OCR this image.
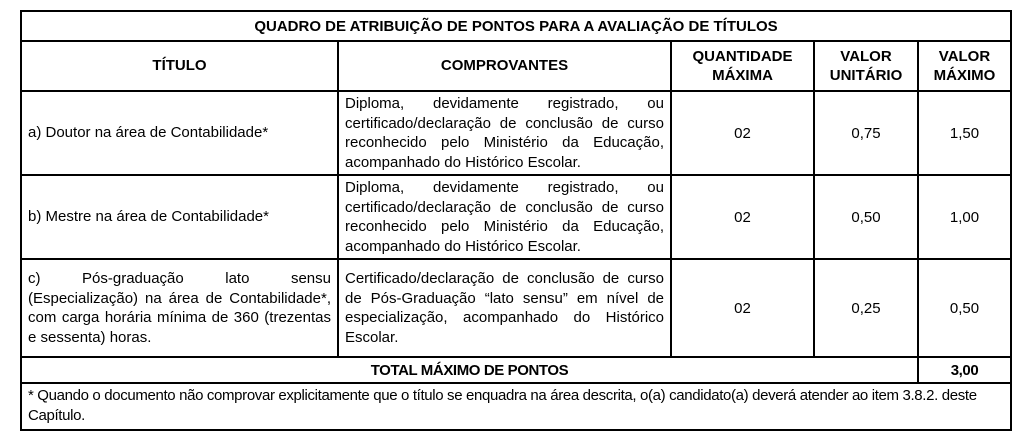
QUADRO DE ATRIBUIÇÃO DE PONTOS PARA A AVALIAÇÃO DE TÍTULOS				
TÍTULO	COMPROVANTES	QUANTIDADE MÁXIMA	VALOR UNITÁRIO	VALOR MÁXIMO
a) Doutor na área de Contabilidade*	Diploma, devidamente registrado, ou certificado/declaração de conclusão de curso reconhecido pelo Ministério da Educação, acompanhado do Histórico Escolar.	02	0,75	1,50
b) Mestre na área de Contabilidade*	Diploma, devidamente registrado, ou certificado/declaração de conclusão de curso reconhecido pelo Ministério da Educação, acompanhado do Histórico Escolar.	02	0,50	1,00
c) Pós-graduação lato sensu (Especialização) na área de Contabilidade*, com carga horária mínima de 360 (trezentas e sessenta) horas.	Certificado/declaração de conclusão de curso de Pós-Graduação “lato sensu” em nível de especialização, acompanhado do Histórico Escolar.	02	0,25	0,50
TOTAL MÁXIMO DE PONTOS				3,00
* Quando o documento não comprovar explicitamente que o título se enquadra na área descrita, o(a) candidato(a) deverá atender ao item 3.8.2. deste Capítulo.				
